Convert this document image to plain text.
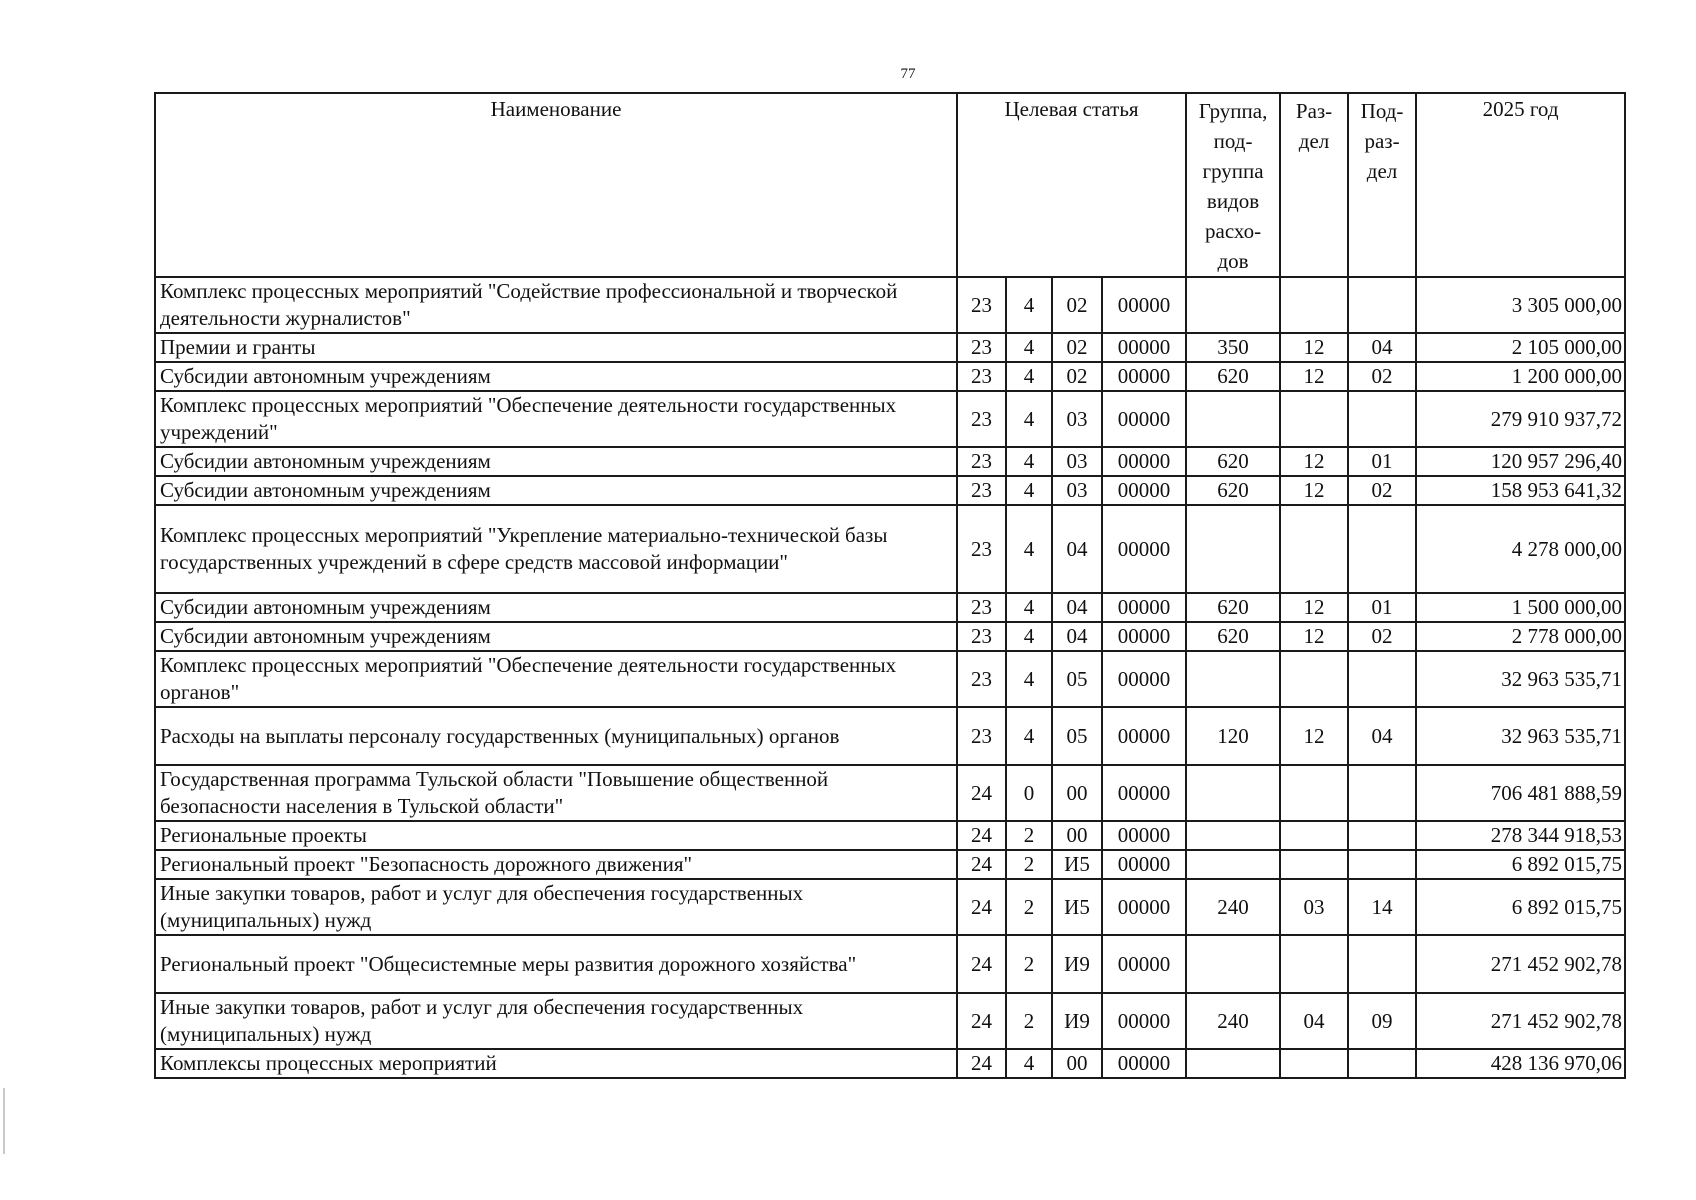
77
Наименование	Целевая статья				Группа, под- группа видов расхо- дов	Раз- дел	Под- раз- дел	2025 год
Комплекс процессных мероприятий "Содействие профессиональной и творческой деятельности журналистов"	23	4	02	00000				3 305 000,00
Премии и гранты	23	4	02	00000	350	12	04	2 105 000,00
Субсидии автономным учреждениям	23	4	02	00000	620	12	02	1 200 000,00
Комплекс процессных мероприятий "Обеспечение деятельности государственных учреждений"	23	4	03	00000				279 910 937,72
Субсидии автономным учреждениям	23	4	03	00000	620	12	01	120 957 296,40
Субсидии автономным учреждениям	23	4	03	00000	620	12	02	158 953 641,32
Комплекс процессных мероприятий "Укрепление материально-технической базы государственных учреждений в сфере средств массовой информации"	23	4	04	00000				4 278 000,00
Субсидии автономным учреждениям	23	4	04	00000	620	12	01	1 500 000,00
Субсидии автономным учреждениям	23	4	04	00000	620	12	02	2 778 000,00
Комплекс процессных мероприятий "Обеспечение деятельности государственных органов"	23	4	05	00000				32 963 535,71
Расходы на выплаты персоналу государственных (муниципальных) органов	23	4	05	00000	120	12	04	32 963 535,71
Государственная программа Тульской области "Повышение общественной безопасности населения в Тульской области"	24	0	00	00000				706 481 888,59
Региональные проекты	24	2	00	00000				278 344 918,53
Региональный проект "Безопасность дорожного движения"	24	2	И5	00000				6 892 015,75
Иные закупки товаров, работ и услуг для обеспечения государственных (муниципальных) нужд	24	2	И5	00000	240	03	14	6 892 015,75
Региональный проект "Общесистемные меры развития дорожного хозяйства"	24	2	И9	00000				271 452 902,78
Иные закупки товаров, работ и услуг для обеспечения государственных (муниципальных) нужд	24	2	И9	00000	240	04	09	271 452 902,78
Комплексы процессных мероприятий	24	4	00	00000				428 136 970,06
